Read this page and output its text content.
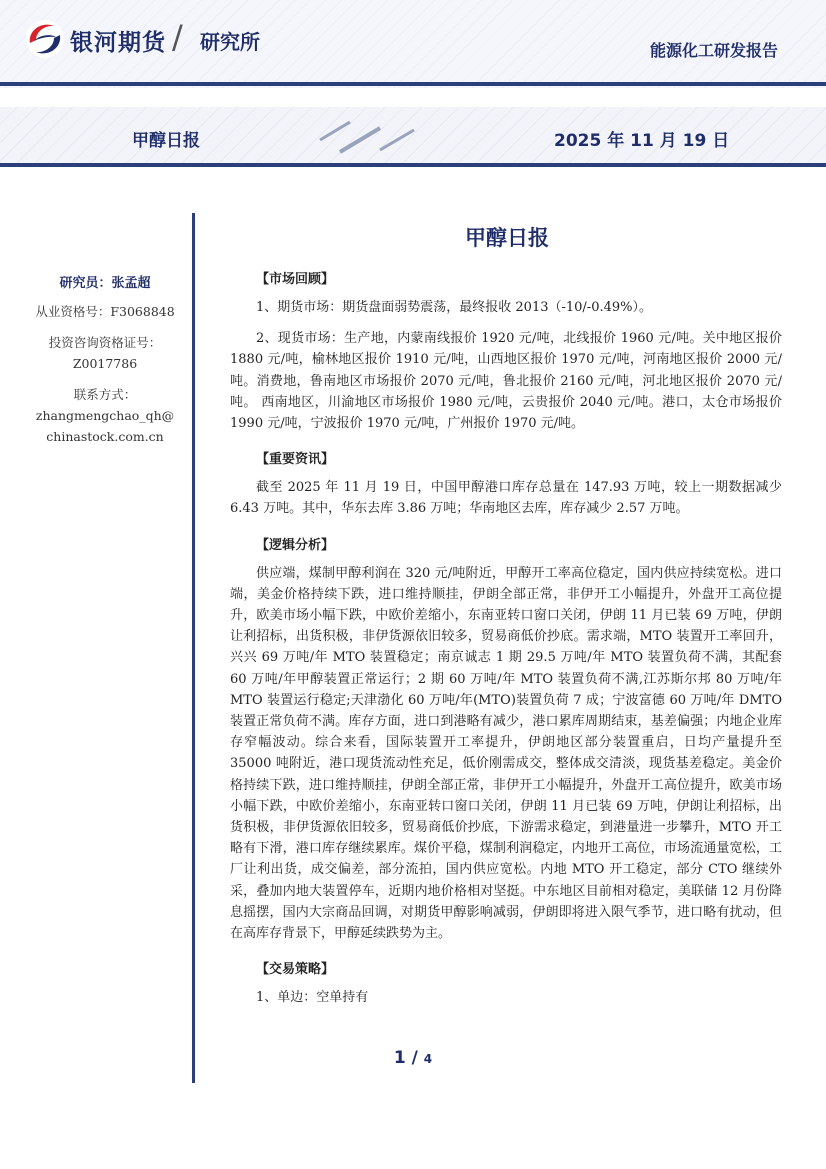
银河期货 / 研究所	能源化工研发报告
甲醇日报	2025 年 11 月 19 日
研究员：张孟超
从业资格号：F3068848
投资咨询资格证号：
Z0017786
联系方式：
zhangmengchao_qh@
chinastock.com.cn
甲醇日报
【市场回顾】

1、期货市场：期货盘面弱势震荡，最终报收 2013（-10/-0.49%）。

2、现货市场：生产地，内蒙南线报价 1920 元/吨，北线报价 1960 元/吨。关中地区报价 1880 元/吨，榆林地区报价 1910 元/吨，山西地区报价 1970 元/吨，河南地区报价 2000 元/吨。消费地，鲁南地区市场报价 2070 元/吨，鲁北报价 2160 元/吨，河北地区报价 2070 元/吨。 西南地区，川渝地区市场报价 1980 元/吨，云贵报价 2040 元/吨。港口，太仓市场报价 1990 元/吨，宁波报价 1970 元/吨，广州报价 1970 元/吨。

【重要资讯】

截至 2025 年 11 月 19 日，中国甲醇港口库存总量在 147.93 万吨，较上一期数据减少 6.43 万吨。其中，华东去库 3.86 万吨；华南地区去库，库存减少 2.57 万吨。

【逻辑分析】

供应端，煤制甲醇利润在 320 元/吨附近，甲醇开工率高位稳定，国内供应持续宽松。进口端，美金价格持续下跌，进口维持顺挂，伊朗全部正常，非伊开工小幅提升，外盘开工高位提升，欧美市场小幅下跌，中欧价差缩小，东南亚转口窗口关闭，伊朗 11 月已装 69 万吨，伊朗让利招标，出货积极，非伊货源依旧较多，贸易商低价抄底。需求端，MTO 装置开工率回升，兴兴 69 万吨/年 MTO 装置稳定；南京诚志 1 期 29.5 万吨/年 MTO 装置负荷不满，其配套 60 万吨/年甲醇装置正常运行；2 期 60 万吨/年 MTO 装置负荷不满,江苏斯尔邦 80 万吨/年 MTO 装置运行稳定;天津渤化 60 万吨/年(MTO)装置负荷 7 成；宁波富德 60 万吨/年 DMTO 装置正常负荷不满。库存方面，进口到港略有减少，港口累库周期结束，基差偏强；内地企业库存窄幅波动。综合来看，国际装置开工率提升，伊朗地区部分装置重启，日均产量提升至 35000 吨附近，港口现货流动性充足，低价刚需成交，整体成交清淡，现货基差稳定。美金价格持续下跌，进口维持顺挂，伊朗全部正常，非伊开工小幅提升，外盘开工高位提升，欧美市场小幅下跌，中欧价差缩小，东南亚转口窗口关闭，伊朗 11 月已装 69 万吨，伊朗让利招标，出货积极，非伊货源依旧较多，贸易商低价抄底，下游需求稳定，到港量进一步攀升，MTO 开工略有下滑，港口库存继续累库。煤价平稳，煤制利润稳定，内地开工高位，市场流通量宽松，工厂让利出货，成交偏差，部分流拍，国内供应宽松。内地 MTO 开工稳定，部分 CTO 继续外采，叠加内地大装置停车，近期内地价格相对坚挺。中东地区目前相对稳定，美联储 12 月份降息摇摆，国内大宗商品回调，对期货甲醇影响减弱，伊朗即将进入限气季节，进口略有扰动，但在高库存背景下，甲醇延续跌势为主。

【交易策略】

1、单边：空单持有

1 / 4
